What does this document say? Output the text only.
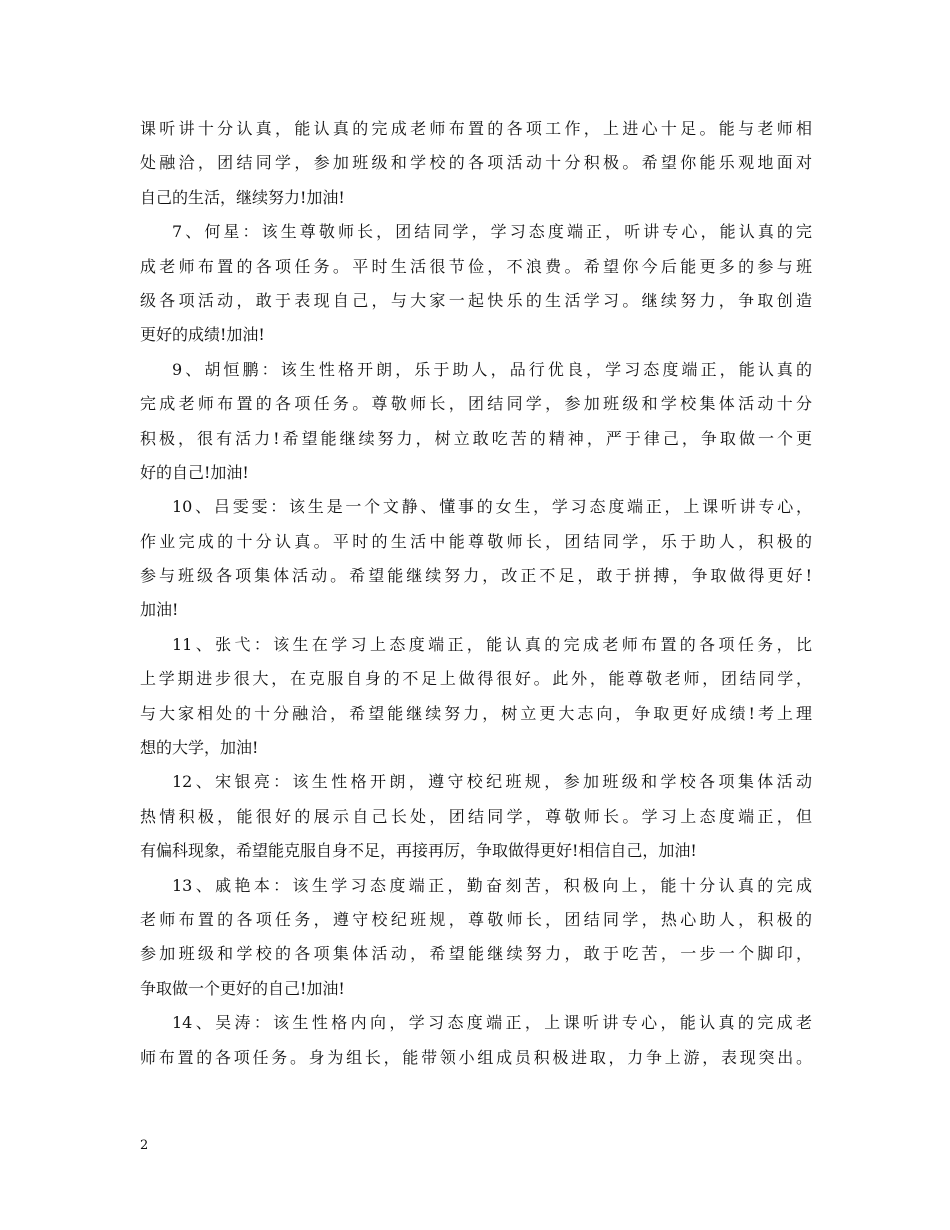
课听讲十分认真，能认真的完成老师布置的各项工作，上进心十足。能与老师相
处融洽，团结同学，参加班级和学校的各项活动十分积极。希望你能乐观地面对
自己的生活，继续努力!加油!
7、何星：该生尊敬师长，团结同学，学习态度端正，听讲专心，能认真的完
成老师布置的各项任务。平时生活很节俭，不浪费。希望你今后能更多的参与班
级各项活动，敢于表现自己，与大家一起快乐的生活学习。继续努力，争取创造
更好的成绩!加油!
9、胡恒鹏：该生性格开朗，乐于助人，品行优良，学习态度端正，能认真的
完成老师布置的各项任务。尊敬师长，团结同学，参加班级和学校集体活动十分
积极，很有活力!希望能继续努力，树立敢吃苦的精神，严于律己，争取做一个更
好的自己!加油!
10、吕雯雯：该生是一个文静、懂事的女生，学习态度端正，上课听讲专心，
作业完成的十分认真。平时的生活中能尊敬师长，团结同学，乐于助人，积极的
参与班级各项集体活动。希望能继续努力，改正不足，敢于拼搏，争取做得更好!
加油!
11、张弋：该生在学习上态度端正，能认真的完成老师布置的各项任务，比
上学期进步很大，在克服自身的不足上做得很好。此外，能尊敬老师，团结同学，
与大家相处的十分融洽，希望能继续努力，树立更大志向，争取更好成绩!考上理
想的大学，加油!
12、宋银亮：该生性格开朗，遵守校纪班规，参加班级和学校各项集体活动
热情积极，能很好的展示自己长处，团结同学，尊敬师长。学习上态度端正，但
有偏科现象，希望能克服自身不足，再接再厉，争取做得更好!相信自己，加油!
13、戚艳本：该生学习态度端正，勤奋刻苦，积极向上，能十分认真的完成
老师布置的各项任务，遵守校纪班规，尊敬师长，团结同学，热心助人，积极的
参加班级和学校的各项集体活动，希望能继续努力，敢于吃苦，一步一个脚印，
争取做一个更好的自己!加油!
14、吴涛：该生性格内向，学习态度端正，上课听讲专心，能认真的完成老
师布置的各项任务。身为组长，能带领小组成员积极进取，力争上游，表现突出。
2
